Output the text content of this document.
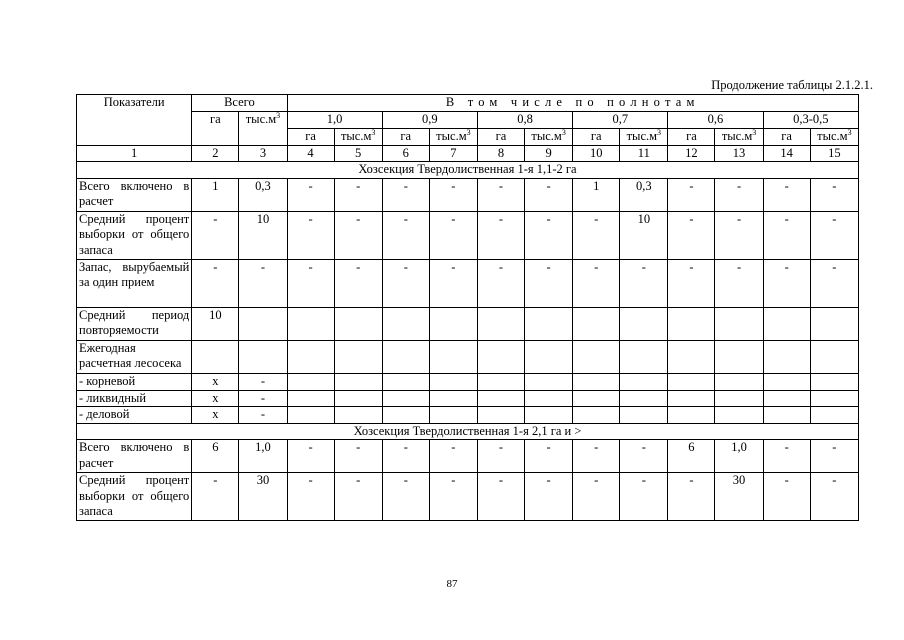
Продолжение таблицы 2.1.2.1.
Показатели	Всего		В том числе по полнотам											
	га	$тыс.м^3$	1,0		0,9		0,8		0,7		0,6		0,3-0,5	
			га	$тыс.м^3$	га	$тыс.м^3$	га	$тыс.м^3$	га	$тыс.м^3$	га	$тыс.м^3$	га	$тыс.м^3$
1	2	3	4	5	6	7	8	9	10	11	12	13	14	15
Хозсекция Твердолиственная 1-я 1,1-2 га														
Всего включено в расчет	1	0,3	-	-	-	-	-	-	1	0,3	-	-	-	-
Средний процент выборки от общего запаса	-	10	-	-	-	-	-	-	-	10	-	-	-	-
Запас, вырубаемый за один прием	-	-	-	-	-	-	-	-	-	-	-	-	-	-
Средний период повторяемости	10													
Ежегодная расчетная лесосека														
- корневой	x	-												
- ликвидный	x	-												
- деловой	x	-												
Хозсекция Твердолиственная 1-я 2,1 га и >														
Всего включено в расчет	6	1,0	-	-	-	-	-	-	-	-	6	1,0	-	-
Средний процент выборки от общего запаса	-	30	-	-	-	-	-	-	-	-	-	30	-	-
87
